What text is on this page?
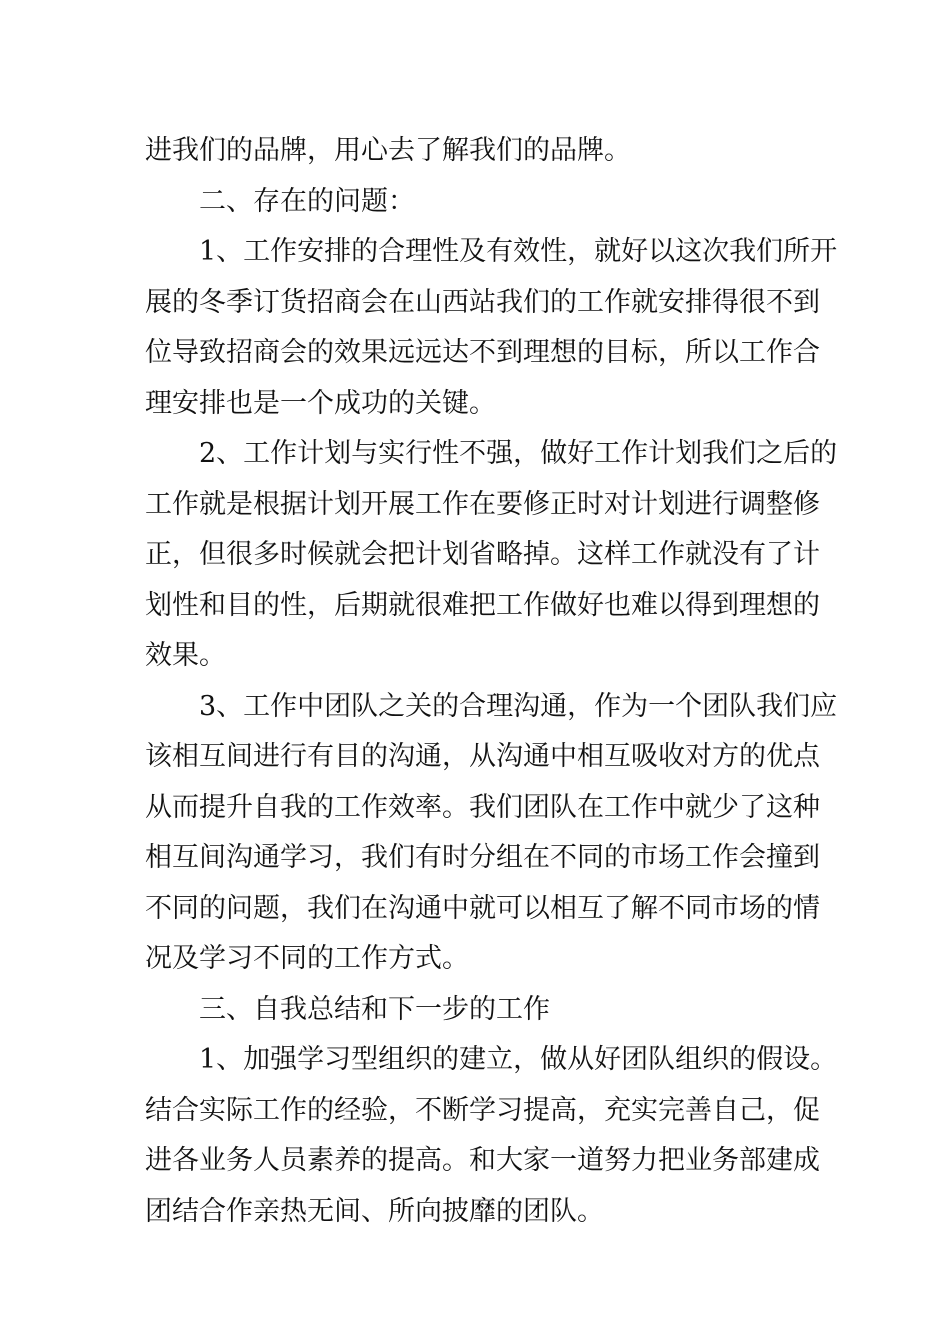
进我们的品牌，用心去了解我们的品牌。
二、存在的问题：
1、工作安排的合理性及有效性，就好以这次我们所开
展的冬季订货招商会在山西站我们的工作就安排得很不到
位导致招商会的效果远远达不到理想的目标，所以工作合
理安排也是一个成功的关键。
2、工作计划与实行性不强，做好工作计划我们之后的
工作就是根据计划开展工作在要修正时对计划进行调整修
正，但很多时候就会把计划省略掉。这样工作就没有了计
划性和目的性，后期就很难把工作做好也难以得到理想的
效果。
3、工作中团队之关的合理沟通，作为一个团队我们应
该相互间进行有目的沟通，从沟通中相互吸收对方的优点
从而提升自我的工作效率。我们团队在工作中就少了这种
相互间沟通学习，我们有时分组在不同的市场工作会撞到
不同的问题，我们在沟通中就可以相互了解不同市场的情
况及学习不同的工作方式。
三、自我总结和下一步的工作
1、加强学习型组织的建立，做从好团队组织的假设。
结合实际工作的经验，不断学习提高，充实完善自己，促
进各业务人员素养的提高。和大家一道努力把业务部建成
团结合作亲热无间、所向披靡的团队。
